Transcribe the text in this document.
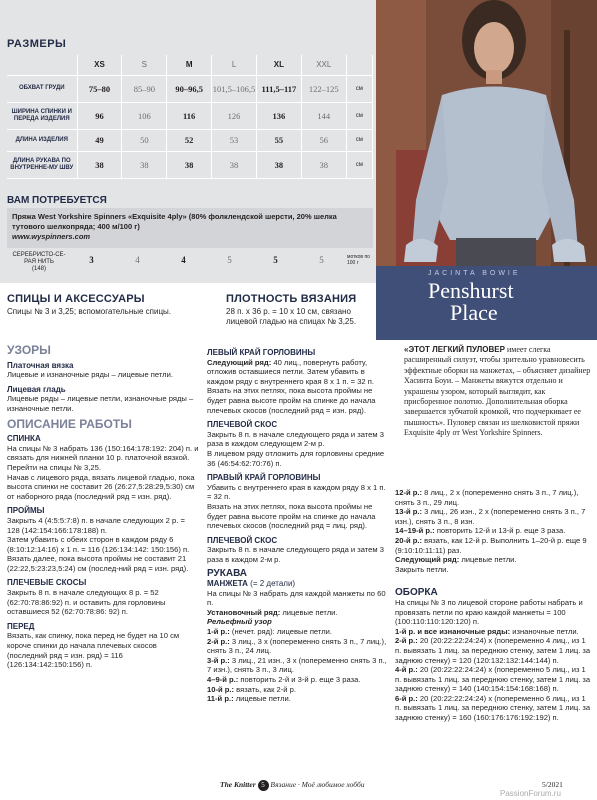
РАЗМЕРЫ
	XS	S	M	L	XL	XXL	
ОБХВАТ ГРУДИ	75–80	85–90	90–96,5	101,5–106,5	111,5–117	122–125	см
ШИРИНА СПИНКИ И ПЕРЕДА ИЗДЕЛИЯ	96	106	116	126	136	144	см
ДЛИНА ИЗДЕЛИЯ	49	50	52	53	55	56	см
ДЛИНА РУКАВА ПО ВНУТРЕННЕ-МУ ШВУ	38	38	38	38	38	38	см
ВАМ ПОТРЕБУЕТСЯ
Пряжа West Yorkshire Spinners «Exquisite 4ply» (80% фолклендской шерсти, 20% шелка тутового шелкопряда; 400 м/100 г)
www.wyspinners.com
СЕРЕБРИСТО-СЕ-РАЯ НИТЬ
(148)
3	4	4	5	5	5	мотков по 100 г
JACINTA BOWIE
Penshurst
Place
«ЭТОТ ЛЕГКИЙ ПУЛОВЕР имеет слегка расширенный силуэт, чтобы зрительно уравновесить эффектные оборки на манжетах, – объясняет дизайнер Хасинта Боуи. – Манжеты вяжутся отдельно и украшены узором, который выглядит, как присборенное полотно. Дополнительная оборка завершается зубчатой кромкой, что подчеркивает ее пышность». Пуловер связан из шелковистой пряжи Exquisite 4ply от West Yorkshire Spinners.
СПИЦЫ И АКСЕССУАРЫ
Спицы № 3 и 3,25; вспомогательные спицы.
ПЛОТНОСТЬ ВЯЗАНИЯ
28 п. х 36 р. = 10 х 10 см, связано лицевой гладью на спицах № 3,25.
УЗОРЫ
Платочная вязка

Лицевые и изнаночные ряды – лицевые петли.

Лицевая гладь

Лицевые ряды – лицевые петли, изнаночные ряды – изнаночные петли.

ОПИСАНИЕ РАБОТЫ
СПИНКА

На спицы № 3 набрать 136 (150:164:178:192: 204) п. и связать для нижней планки 10 р. платочной вязкой.

Перейти на спицы № 3,25.

Начав с лицевого ряда, вязать лицевой гладью, пока высота спинки не составит 26 (26:27,5:28:29,5:30) см от наборного ряда (последний ряд = изн. ряд).

ПРОЙМЫ

Закрыть 4 (4:5:5:7:8) п. в начале следующих 2 р. = 128 (142:154:166:178:188) п.

Затем убавить с обеих сторон в каждом ряду 6 (8:10:12:14:16) х 1 п. = 116 (126:134:142: 150:156) п.

Вязать далее, пока высота проймы не составит 21 (22:22,5:23:23,5:24) см (послед-ний ряд = изн. ряд).

ПЛЕЧЕВЫЕ СКОСЫ

Закрыть 8 п. в начале следующих 8 р. = 52 (62:70:78:86:92) п. и оставить для горловины оставшиеся 52 (62:70:78:86: 92) п.

ПЕРЕД

Вязать, как спинку, пока перед не будет на 10 см короче спинки до начала плечевых скосов (последний ряд = изн. ряд) = 116 (126:134:142:150:156) п.

ЛЕВЫЙ КРАЙ ГОРЛОВИНЫ

Следующий ряд: 40 лиц., повернуть работу, отложив оставшиеся петли. Затем убавить в каждом ряду с внутреннего края 8 х 1 п. = 32 п.

Вязать на этих петлях, пока высота проймы не будет равна высоте пройм на спинке до начала плечевых скосов (последний ряд = изн. ряд).

ПЛЕЧЕВОЙ СКОС

Закрыть 8 п. в начале следующего ряда и затем 3 раза в каждом следующем 2-м р.

В лицевом ряду отложить для горловины средние 36 (46:54:62:70:76) п.

ПРАВЫЙ КРАЙ ГОРЛОВИНЫ

Убавить с внутреннего края в каждом ряду 8 х 1 п. = 32 п.

Вязать на этих петлях, пока высота проймы не будет равна высоте пройм на спинке до начала плечевых скосов (последний ряд = лиц. ряд).

ПЛЕЧЕВОЙ СКОС

Закрыть 8 п. в начале следующего ряда и затем 3 раза в каждом 2-м р.

РУКАВА
МАНЖЕТА (= 2 детали)

На спицы № 3 набрать для каждой манжеты по 60 п.

Установочный ряд: лицевые петли.

Рельефный узор

1-й р.: (нечет. ряд): лицевые петли.

2-й р.: 3 лиц., 3 х (попеременно снять 3 п., 7 лиц.), снять 3 п., 24 лиц.

3-й р.: 3 лиц., 21 изн., 3 х (попеременно снять 3 п., 7 изн.), снять 3 п., 3 лиц.

4–9-й р.: повторить 2-й и 3-й р. еще 3 раза.

10-й р.: вязать, как 2-й р.

11-й р.: лицевые петли.

12-й р.: 8 лиц., 2 х (попеременно снять 3 п., 7 лиц.), снять 3 п., 29 лиц.

13-й р.: 3 лиц., 26 изн., 2 х (попеременно снять 3 п., 7 изн.), снять 3 п., 8 изн.

14–19-й р.: повторить 12-й и 13-й р. еще 3 раза.

20-й р.: вязать, как 12-й р. Выполнить 1–20-й р. еще 9 (9:10:10:11:11) раз.

Следующий ряд: лицевые петли.

Закрыть петли.

ОБОРКА

На спицы № 3 по лицевой стороне работы набрать и провязать петли по краю каждой манжеты = 100 (100:110:110:120:120) п.

1-й р. и все изнаночные ряды: изнаночные петли.

2-й р.: 20 (20:22:22:24:24) х (попеременно 4 лиц., из 1 п. вывязать 1 лиц. за переднюю стенку, затем 1 лиц. за заднюю стенку) = 120 (120:132:132:144:144) п.

4-й р.: 20 (20:22:22:24:24) х (попеременно 5 лиц., из 1 п. вывязать 1 лиц. за переднюю стенку, затем 1 лиц. за заднюю стенку) = 140 (140:154:154:168:168) п.

6-й р.: 20 (20:22:22:24:24) х (попеременно 6 лиц., из 1 п. вывязать 1 лиц. за переднюю стенку, затем 1 лиц. за заднюю стенку) = 160 (160:176:176:192:192) п.

The Knitter 5 Вязание · Моё любимое хобби	5/2021
PassionForum.ru
